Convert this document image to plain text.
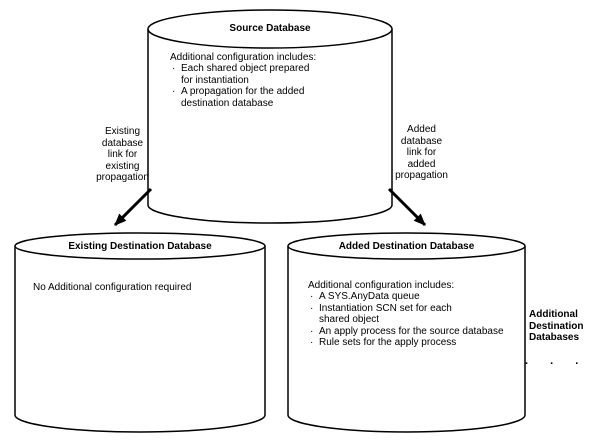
Source Database
Additional configuration includes:
· Each shared object prepared
for instantiation
· A propagation for the added
destination database
Existing
database
link for
existing
propagation
Added
database
link for
added
propagation
Existing Destination Database
No Additional configuration required
Added Destination Database
Additional configuration includes:
· A SYS.AnyData queue
· Instantiation SCN set for each
shared object
· An apply process for the source database
· Rule sets for the apply process
Additional
Destination
Databases
. . .
